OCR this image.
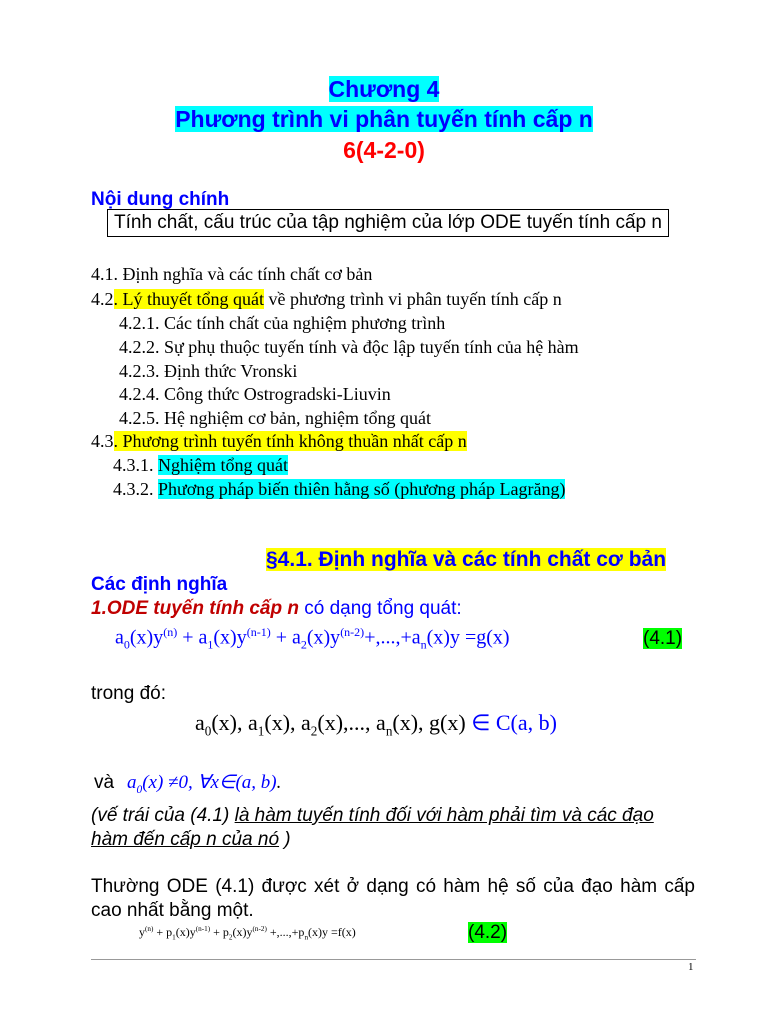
Chương 4
Phương trình vi phân tuyến tính cấp n
6(4-2-0)
Nội dung chính
Tính chất, cấu trúc của tập nghiệm của lớp ODE tuyến tính cấp n
4.1. Định nghĩa và các tính chất cơ bản
4.2. Lý thuyết tổng quát về phương trình vi phân tuyến tính cấp n
4.2.1. Các tính chất của nghiệm phương trình
4.2.2. Sự phụ thuộc tuyến tính và độc lập tuyến tính của hệ hàm
4.2.3. Định thức Vronski
4.2.4. Công thức Ostrogradski-Liuvin
4.2.5. Hệ nghiệm cơ bản, nghiệm tổng quát
4.3. Phương trình tuyến tính không thuần nhất cấp n
4.3.1. Nghiệm tổng quát
4.3.2. Phương pháp biến thiên hằng số (phương pháp Lagrăng)
§4.1. Định nghĩa và các tính chất cơ bản
Các định nghĩa
1.ODE tuyến tính cấp n có dạng tổng quát:
$a_0(x)y^{(n)} + a_1(x)y^{(n-1)} + a_2(x)y^{(n-2)}+,...,+a_n(x)y =g(x)$	(4.1)
trong đó:
$a_0(x)$, $a_1(x)$, $a_2(x)$,..., $a_n(x)$, g(x) ∈ C(a, b)
và $a_0(x) \ne 0$, ∀x∈(a, b).
(vế trái của (4.1) là hàm tuyến tính đối với hàm phải tìm và các đạo
hàm đến cấp n của nó )
Thường ODE (4.1) được xét ở dạng có hàm hệ số của đạo hàm cấp cao nhất bằng một.
$y^{(n)} + p_1(x)y^{(n-1)} + p_2(x)y^{(n-2)} +,...,+p_n(x)y =f(x)$	(4.2)
1
